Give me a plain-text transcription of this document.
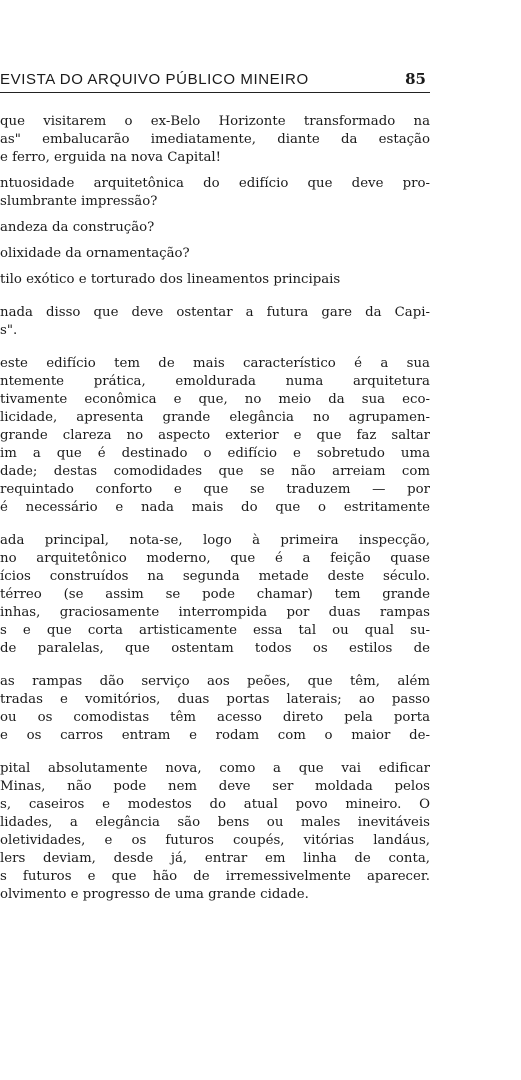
EVISTA DO ARQUIVO PÚBLICO MINEIRO	85
que visitarem o ex-Belo Horizonte transformado na
as" embalucarão imediatamente, diante da estação
e ferro, erguida na nova Capital!
ntuosidade arquitetônica do edifício que deve pro-
slumbrante impressão?
andeza da construção?
olixidade da ornamentação?
tilo exótico e torturado dos lineamentos principais
nada disso que deve ostentar a futura gare da Capi-
s".
este edifício tem de mais característico é a sua
ntemente prática, emoldurada numa arquitetura
tivamente econômica e que, no meio da sua eco-
licidade, apresenta grande elegância no agrupamen-
grande clareza no aspecto exterior e que faz saltar
im a que é destinado o edifício e sobretudo uma
dade; destas comodidades que se não arreiam com
requintado conforto e que se traduzem — por
é necessário e nada mais do que o estritamente
ada principal, nota-se, logo à primeira inspecção,
no arquitetônico moderno, que é a feição quase
ícios construídos na segunda metade deste século.
térreo (se assim se pode chamar) tem grande
inhas, graciosamente interrompida por duas rampas
s e que corta artisticamente essa tal ou qual su-
de paralelas, que ostentam todos os estilos de
as rampas dão serviço aos peões, que têm, além
tradas e vomitórios, duas portas laterais; ao passo
ou os comodistas têm acesso direto pela porta
e os carros entram e rodam com o maior de-
pital absolutamente nova, como a que vai edificar
Minas, não pode nem deve ser moldada pelos
s, caseiros e modestos do atual povo mineiro. O
lidades, a elegância são bens ou males inevitáveis
oletividades, e os futuros coupés, vitórias landáus,
lers deviam, desde já, entrar em linha de conta,
s futuros e que hão de irremessivelmente aparecer.
olvimento e progresso de uma grande cidade.
